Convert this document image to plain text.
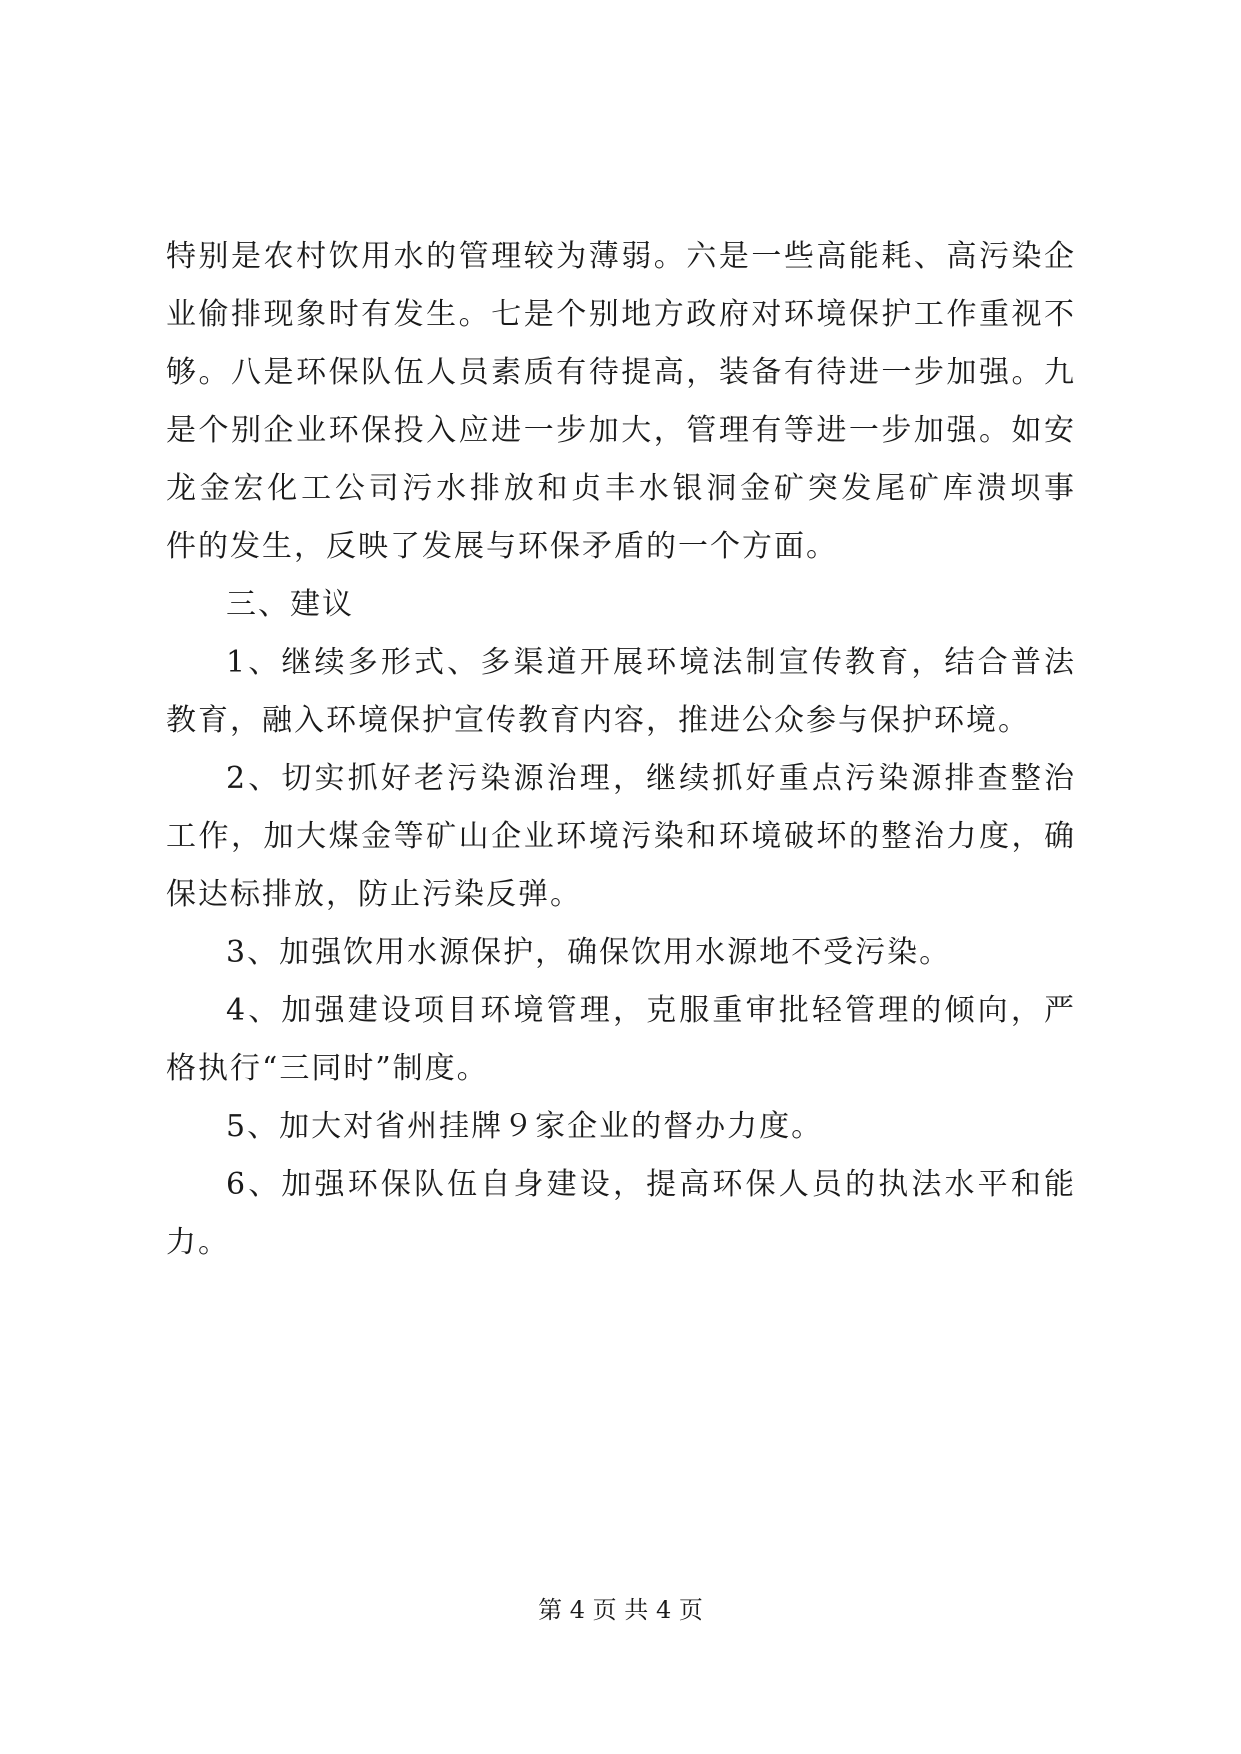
特别是农村饮用水的管理较为薄弱。六是一些高能耗、高污染企

业偷排现象时有发生。七是个别地方政府对环境保护工作重视不

够。八是环保队伍人员素质有待提高，装备有待进一步加强。九

是个别企业环保投入应进一步加大，管理有等进一步加强。如安

龙金宏化工公司污水排放和贞丰水银洞金矿突发尾矿库溃坝事

件的发生，反映了发展与环保矛盾的一个方面。

三、建议

1、继续多形式、多渠道开展环境法制宣传教育，结合普法

教育，融入环境保护宣传教育内容，推进公众参与保护环境。

2、切实抓好老污染源治理，继续抓好重点污染源排查整治

工作，加大煤金等矿山企业环境污染和环境破坏的整治力度，确

保达标排放，防止污染反弹。

3、加强饮用水源保护，确保饮用水源地不受污染。

4、加强建设项目环境管理，克服重审批轻管理的倾向，严

格执行“三同时”制度。

5、加大对省州挂牌９家企业的督办力度。

6、加强环保队伍自身建设，提高环保人员的执法水平和能

力。

第 4 页 共 4 页
